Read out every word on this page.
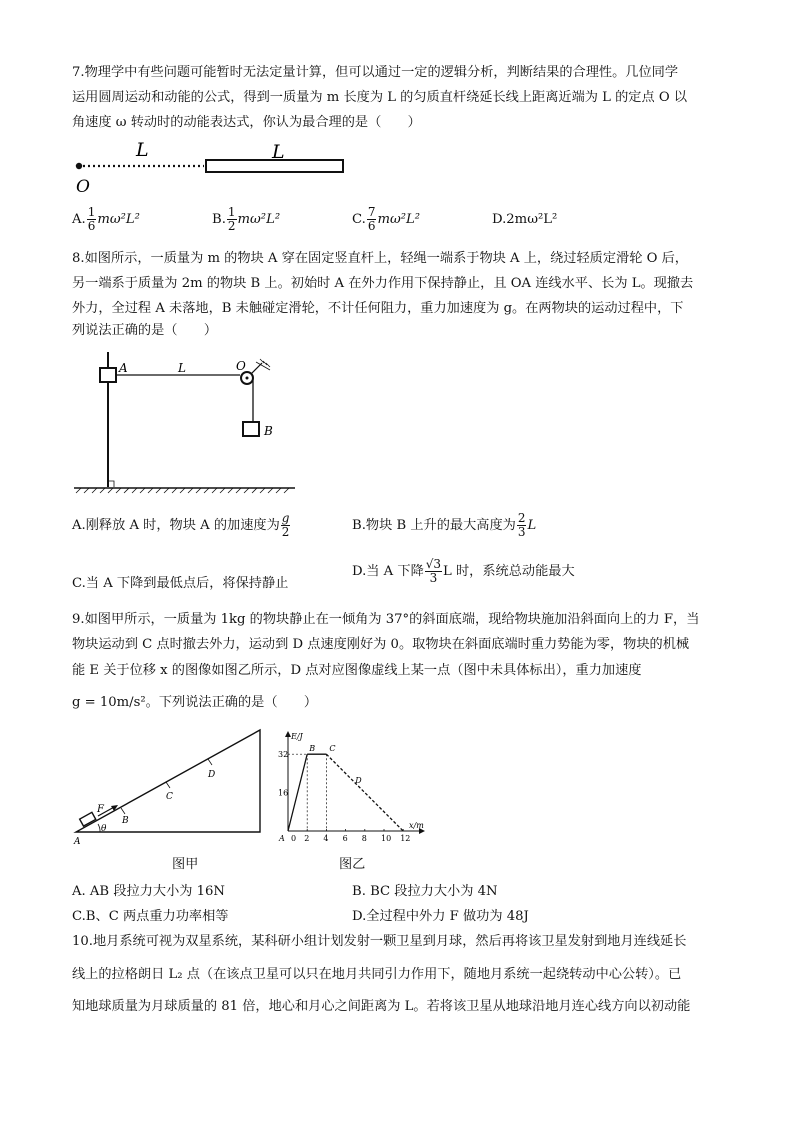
7.物理学中有些问题可能暂时无法定量计算，但可以通过一定的逻辑分析，判断结果的合理性。几位同学
运用圆周运动和动能的公式，得到一质量为 m 长度为 L 的匀质直杆绕延长线上距离近端为 L 的定点 O 以
角速度 ω 转动时的动能表达式，你认为最合理的是（　　）
L	L
O
A. $\frac{1}{6} m\omega^2L^2$	B. $\frac{1}{2} m\omega^2L^2$	C. $\frac{7}{6} m\omega^2L^2$	D.2mω²L²
8.如图所示，一质量为 m 的物块 A 穿在固定竖直杆上，轻绳一端系于物块 A 上，绕过轻质定滑轮 O 后，
另一端系于质量为 2m 的物块 B 上。初始时 A 在外力作用下保持静止，且 OA 连线水平、长为 L。现撤去
外力，全过程 A 未落地，B 未触碰定滑轮，不计任何阻力，重力加速度为 g。在两物块的运动过程中，下
列说法正确的是（　　）
A	L	O
B
A.刚释放 A 时，物块 A 的加速度为 $\frac{g}{2}$	B.物块 B 上升的最大高度为 $\frac{2}{3}$ L
C.当 A 下降到最低点后，将保持静止
D.当 A 下降 $\frac{√3}{3}$ L 时，系统总动能最大
9.如图甲所示，一质量为 1kg 的物块静止在一倾角为 37°的斜面底端，现给物块施加沿斜面向上的力 F，当
物块运动到 C 点时撤去外力，运动到 D 点速度刚好为 0。取物块在斜面底端时重力势能为零，物块的机械
能 E 关于位移 x 的图像如图乙所示，D 点对应图像虚线上某一点（图中未具体标出），重力加速度
g = 10m/s²。下列说法正确的是（　　）
F
θ
A
B
C
D
图甲
E/J
x/m
0 2 4 6 8 10 12
32
16
A
B C
D
图乙
A. AB 段拉力大小为 16N	B. BC 段拉力大小为 4N
C.B、C 两点重力功率相等	D.全过程中外力 F 做功为 48J
10.地月系统可视为双星系统，某科研小组计划发射一颗卫星到月球，然后再将该卫星发射到地月连线延长
线上的拉格朗日 L₂ 点（在该点卫星可以只在地月共同引力作用下，随地月系统一起绕转动中心公转）。已
知地球质量为月球质量的 81 倍，地心和月心之间距离为 L。若将该卫星从地球沿地月连心线方向以初动能
